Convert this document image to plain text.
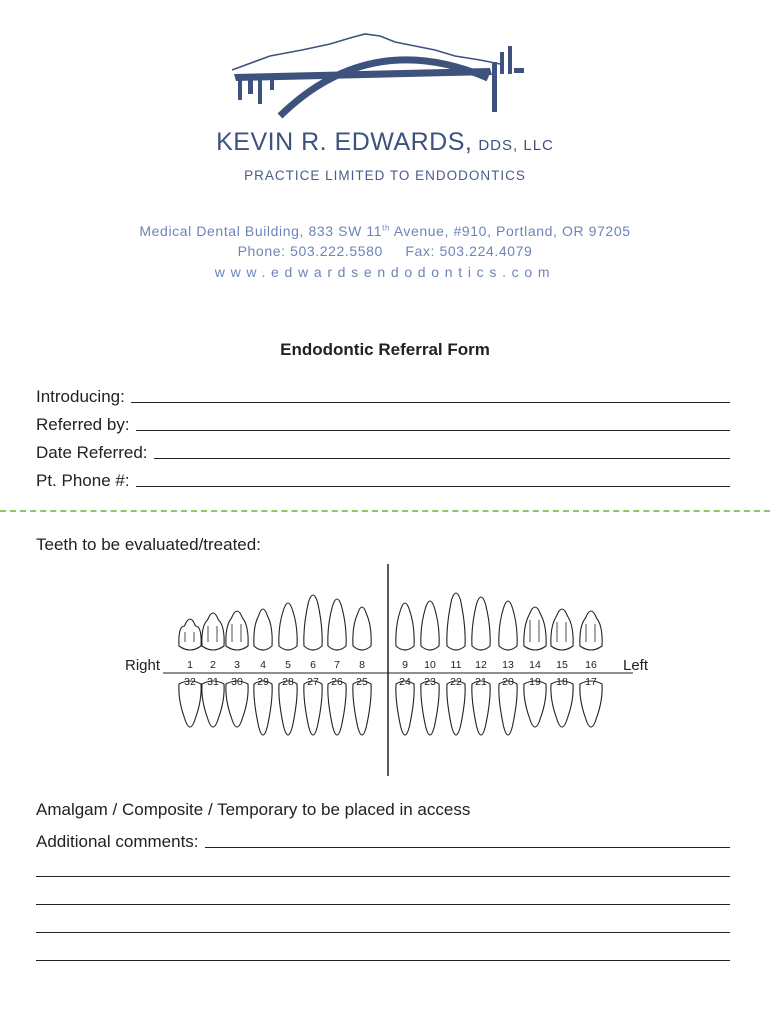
KEVIN R. EDWARDS, DDS, LLC
PRACTICE LIMITED TO ENDODONTICS
Medical Dental Building, 833 SW 11th Avenue, #910, Portland, OR 97205
Phone: 503.222.5580 Fax: 503.224.4079
www.edwardsendodontics.com
Endodontic Referral Form
Introducing:
Referred by:
Date Referred:
Pt. Phone #:
Teeth to be evaluated/treated:
Right	Left
1 2 3 4 5 6 7 8	9 10 11 12 13 14 15 16
32 31 30 29 28 27 26 25	24 23 22 21 20 19 18 17
Amalgam / Composite / Temporary to be placed in access
Additional comments:
